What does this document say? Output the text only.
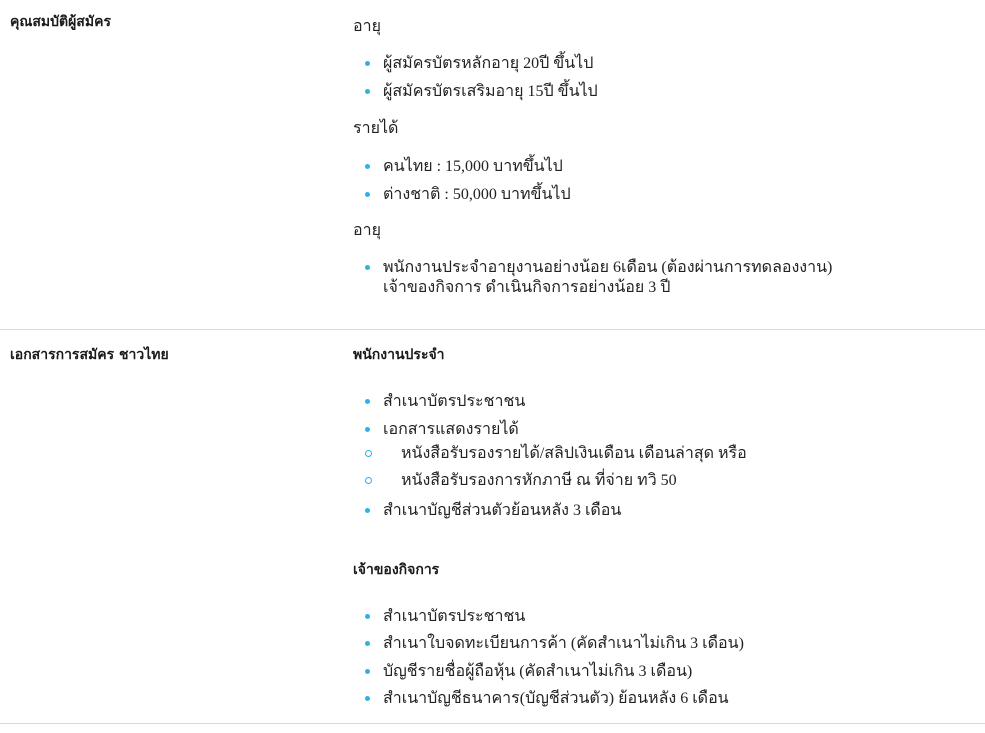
คุณสมบัติผู้สมัคร	อายุ

ผู้สมัครบัตรหลักอายุ 20ปี ขึ้นไป
ผู้สมัครบัตรเสริมอายุ 15ปี ขึ้นไป

รายได้

คนไทย : 15,000 บาทขึ้นไป
ต่างชาติ : 50,000 บาทขึ้นไป

อายุ

พนักงานประจำอายุงานอย่างน้อย 6เดือน (ต้องผ่านการทดลองงาน)
เจ้าของกิจการ ดำเนินกิจการอย่างน้อย 3 ปี
เอกสารการสมัคร ชาวไทย	พนักงานประจำ

สำเนาบัตรประชาชน
เอกสารแสดงรายได้
หนังสือรับรองรายได้/สลิปเงินเดือน เดือนล่าสุด หรือ
หนังสือรับรองการหักภาษี ณ ที่จ่าย ทวิ 50
สำเนาบัญชีส่วนตัวย้อนหลัง 3 เดือน

เจ้าของกิจการ

สำเนาบัตรประชาชน
สำเนาใบจดทะเบียนการค้า (คัดสำเนาไม่เกิน 3 เดือน)
บัญชีรายชื่อผู้ถือหุ้น (คัดสำเนาไม่เกิน 3 เดือน)
สำเนาบัญชีธนาคาร(บัญชีส่วนตัว) ย้อนหลัง 6 เดือน
